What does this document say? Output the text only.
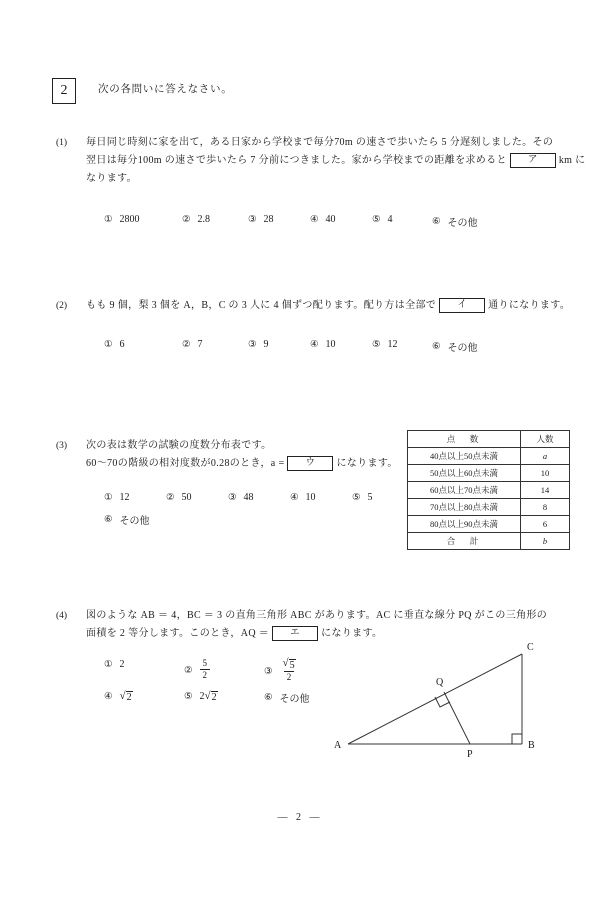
2	次の各問いに答えなさい。
(1)	毎日同じ時刻に家を出て，ある日家から学校まで毎分70m の速さで歩いたら 5 分遅刻しました。その
翌日は毎分100m の速さで歩いたら 7 分前につきました。家から学校までの距離を求めると ア km に
なります。
① 2800	② 2.8	③ 28	④ 40	⑤ 4	⑥ その他
(2)	もも 9 個，梨 3 個を A，B，C の 3 人に 4 個ずつ配ります。配り方は全部で イ 通りになります。
① 6	② 7	③ 9	④ 10	⑤ 12	⑥ その他
(3)	次の表は数学の試験の度数分布表です。
60〜70の階級の相対度数が0.28のとき，a = ウ になります。
① 12	② 50	③ 48	④ 10	⑤ 5
⑥ その他
点　数	人数
40点以上50点未満	a
50点以上60点未満	10
60点以上70点未満	14
70点以上80点未満	8
80点以上90点未満	6
合　計	b
(4)	図のような AB ＝ 4，BC ＝ 3 の直角三角形 ABC があります。AC に垂直な線分 PQ がこの三角形の
面積を 2 等分します。このとき，AQ ＝ エ になります。
① 2
② $\frac{5}{2}$	③ $\frac{√ 5}{2}$
④ √ 2	⑤ 2 √ 2	⑥ その他
A	B
C
P
Q
— 2 —
